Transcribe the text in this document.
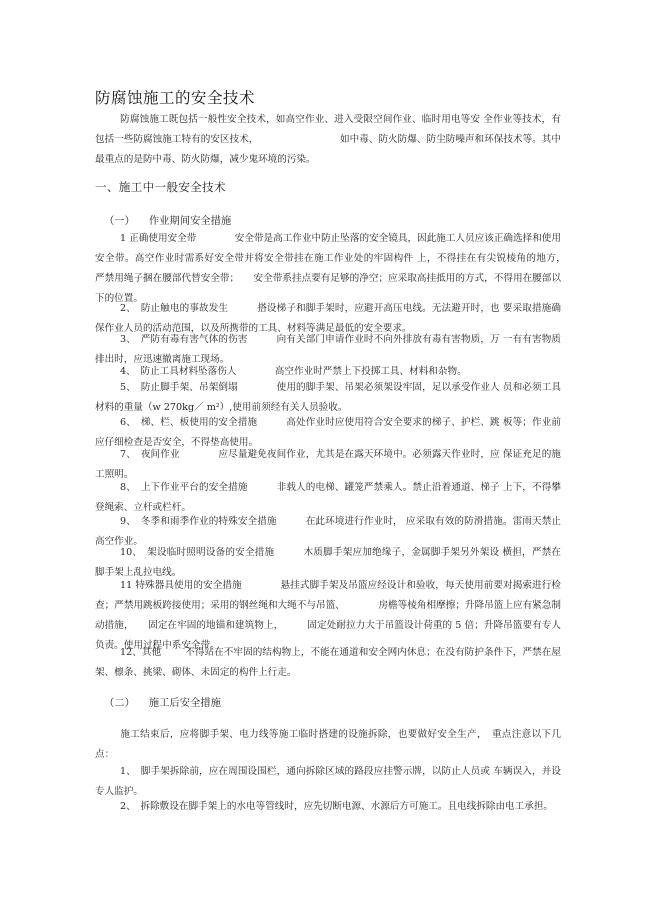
防腐蚀施工的安全技术
防腐蚀施工既包括一般性安全技术，如高空作业、进入受限空间作业、临时用电等安 全作业等技术，有包括一些防腐蚀施工特有的安区技术，　　　　　　　　　如中毒、防火防爆、防尘防噪声和环保技术等。其中最重点的是防中毒、防火防爆，减少鬼环境的污染。
一、施工中一般安全技术
（一） 作业期间安全措施
1 正确使用安全带　　　　安全带是高工作业中防止坠落的安全镜具，因此施工人员应该正确选择和使用安全带。高空作业时需系好安全带并将安全带挂在施工作业处的牢固构件 上，不得挂在有尖锐棱角的地方，　　　　　　严禁用绳子捆在腰部代替安全带；　　安全带系挂点要有足够的净空；应采取高挂抵用的方式，不得用在腰部以下的位置。
2、 防止触电的事故发生　　　搭设梯子和脚手架时，应避开高压电线。无法避开时，也 要采取措施确保作业人员的活动范围，以及所携带的工具、材料等满足最低的安全要求。
3、 严防有毒有害气体的伤害　　　向有关部门申请作业时不向外排放有毒有害物质，万 一有有害物质排出时，应迅速撤离施工现场。
4、 防止工具材料坠落伤人　　　　高空作业时严禁上下投掷工具、材料和杂物。
5、 防止脚手架、吊架倒塌　　　　使用的脚手架、吊架必须架设牢固，足以承受作业人 员和必须工具材料的重量（w 270kg／ m²）,使用前须经有关人员验收。
6、 梯、栏、板使用的安全措施　　　高处作业时应使用符合安全要求的梯子、护栏、跳 板等；作业前应仔细检查是否安全，不得垫高使用。
7、 夜间作业　　　　应尽量避免夜间作业，尤其是在露天环境中。必须露天作业时，应 保证充足的施工照明。
8、 上下作业平台的安全措施　　　非载人的电梯、罐笼严禁乘人。禁止沿着通道、梯子 上下，不得攀登绳索、立杆或栏杆。
9、 冬季和雨季作业的特殊安全措施　　　在此环境进行作业时， 应采取有效的防滑措施。雷雨天禁止高空作业。
10、 架设临时照明设备的安全措施　　　木质脚手架应加绝缘子，金属脚手架另外架设 横担，严禁在脚手架上乱拉电线。
11 特殊器具使用的安全措施　　　　悬挂式脚手架及吊篮应经设计和验收，每天使用前要对揭索进行检查；严禁用跳板跨接使用；采用的钢丝绳和大绳不与吊篮、　　　　房檐等棱角相摩擦；升降吊篮上应有紧急制动措施，　　固定在牢固的地锚和建筑物上，　　　固定处耐拉力大于吊篮设计荷重的 5 倍；升降吊篮要有专人负责。使用过程中系安全带。
12、其他　　 不得站在不牢固的结构物上，不能在通道和安全网内休息；在没有防护条件下，严禁在屋架、檩条、挑梁、砌体、未固定的构件上行走。
（二） 施工后安全措施
施工结束后，应将脚手架、电力线等施工临时搭建的设施拆除，也要做好安全生产，　重点注意以下几点：
1、　脚手架拆除前，应在周围设围栏，通向拆除区域的路段应挂警示牌，以防止人员或 车辆误入，并设专人监护。
2、　拆除敷设在脚手架上的水电等管线时，应先切断电源、水源后方可施工。且电线拆除由电工承担。
